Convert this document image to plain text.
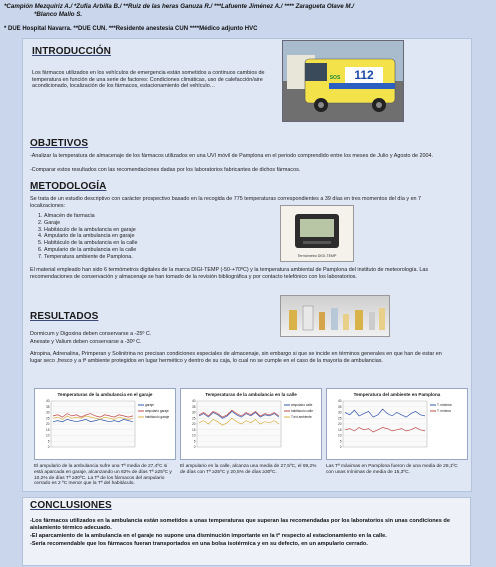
*Campión Mezquíriz A./ *Zufía Arbilla B./ **Ruiz de las heras Ganuza R./ ***Lafuente Jiménez A./ **** Zaragueta Olave M./
*Blanco Mallo S.
* DUE Hospital Navarra. **DUE CUN. ***Residente anestesia CUN ****Médico adjunto HVC
INTRODUCCIÓN
Los fármacos utilizados en los vehículos de emergencia están sometidos a continuos cambios de temperatura en función de una serie de factores: Condiciones climáticas, uso de calefacción/aire acondicionado, localización de los fármacos, estacionamiento del vehículo…
112
SOS
OBJETIVOS
-Analizar la temperatura de almacenaje de los fármacos utilizados en una UVI móvil de Pamplona en el periodo comprendido entre los meses de Julio y Agosto de 2004.
-Comparar estos resultados con las recomendaciones dadas por los laboratorios fabricantes de dichos fármacos.
METODOLOGÍA
Se trata de un estudio descriptivo con carácter prospectivo basado en la recogida de 775 temperaturas correspondientes a 39 días en tres momentos del día y en 7 localizaciones:
1. Almacén de farmacia
2. Garaje
3. Habitáculo de la ambulancia en garaje
4. Ampulario de la ambulancia en garaje
5. Habitáculo de la ambulancia en la calle
6. Ampulario de la ambulancia en la calle
7. Temperatura ambiente de Pamplona.	Termómetro DIGI-TEMP
El material empleado han sido 6 termómetros digitales de la marca DIGI-TEMP (-50-+70ºC) y la temperatura ambiental de Pamplona del instituto de meteorología. Las recomendaciones de conservación y almacenaje se han tomado de la revisión bibliográfica y por contacto telefónico con los laboratorios.
RESULTADOS
Dormicum y Digoxina deben conservarse a -25º C.
Anexate y Valium deben conservarse a -30º C.
Atropina, Adrenalina, Primperan y Solinitrina no precisan condiciones especiales de almacenaje, sin embargo si que se incide en términos generales en que han de estar en lugar seco ,fresco y a tª ambiente protegidos en lugar hermético y dentro de su caja, lo cual no se cumple en el caso de la mayoría de ambulancias.
Temperaturas de la ambulancia en el garaje
40
35
30
25
20
15
10
5
0
garaje
ampulario garaje
habitáculo garaje
Temperaturas de la ambulancia en la calle
40
35
30
25
20
15
10
5
0
ampulario calle
habitáculo calle
T.ext ambiente
Temperatura del ambiente en Pamplona
40
35
30
25
20
15
10
5
0
T. máxima
T. mínima
El ampulario de la ambulancia sufre una Tª media de 27,4ºC si está aparcada en garaje, alcanzando un 82% de días Tª ≥25ºC y 10,2% de días Tª ≥30ºC. La Tª de los fármacos del ampulario cerrado es 2 ºC menor que la Tª del habitáculo.
El ampulario en la calle, alcanza una media de 27,5ºC, el 69,2% de días con Tª ≥25ºC y 20,5% de días ≥30ºC.
Las Tª máximas en Pamplona fueron de una media de 28,1ºC con unas mínimas de media de 15,3ºC.
CONCLUSIONES
-Los fármacos utilizados en la ambulancia están sometidos a unas temperaturas que superan las recomendadas por los laboratorios sin unas condiciones de aislamiento térmico adecuado.
-El aparcamiento de la ambulancia en el garaje no supone una disminución importante en la tª respecto al estacionamiento en la calle.
-Sería recomendable que los fármacos fueran transportados en una bolsa isotérmica y en su defecto, en un ampulario cerrado.
